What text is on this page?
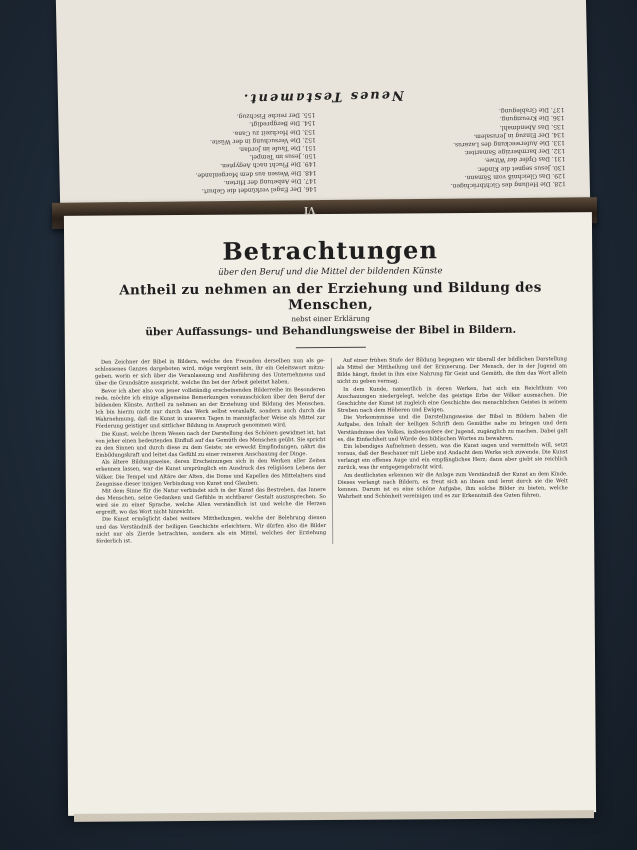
128. Die Heilung des Gichtbrüchigen.
129. Das Gleichniß vom Sämann.
130. Jesus segnet die Kinder.
131. Das Opfer der Witwe.
132. Der barmherzige Samariter.
133. Die Auferweckung des Lazarus.
134. Der Einzug in Jerusalem.
135. Das Abendmahl.
136. Die Kreuzigung.
137. Die Grablegung.
146. Der Engel verkündet die Geburt.
147. Die Anbetung der Hirten.
148. Die Weisen aus dem Morgenlande.
149. Die Flucht nach Aegypten.
150. Jesus im Tempel.
151. Die Taufe im Jordan.
152. Die Versuchung in der Wüste.
153. Die Hochzeit zu Cana.
154. Die Bergpredigt.
155. Der reiche Fischzug.
Neues Testament.
VI
Betrachtungen
über den Beruf und die Mittel der bildenden Künste
Antheil zu nehmen an der Erziehung und Bildung des Menschen,
nebst einer Erklärung
über Auffassungs- und Behandlungsweise der Bibel in Bildern.

Den Zeichner der Bibel in Bildern, welche den Freunden derselben nun als geschlossenes Ganzes dargeboten wird, möge vergönnt sein, ihr ein Geleitswort mitzugeben, worin er sich über die Veranlassung und Ausführung des Unternehmens und über die Grundsätze ausspricht, welche ihn bei der Arbeit geleitet haben.

Bevor ich aber also von jener vollständig erscheinenden Bilderreihe im Besonderen rede, möchte ich einige allgemeine Bemerkungen vorausschicken über den Beruf der bildenden Künste, Antheil zu nehmen an der Erziehung und Bildung des Menschen. Ich bin hierzu nicht nur durch das Werk selbst veranlaßt, sondern auch durch die Wahrnehmung, daß die Kunst in unseren Tagen in mannigfacher Weise als Mittel zur Förderung geistiger und sittlicher Bildung in Anspruch genommen wird.

Die Kunst, welche ihrem Wesen nach der Darstellung des Schönen gewidmet ist, hat von jeher einen bedeutenden Einfluß auf das Gemüth des Menschen geübt. Sie spricht zu den Sinnen und durch diese zu dem Geiste; sie erweckt Empfindungen, nährt die Einbildungskraft und leitet das Gefühl zu einer reineren Anschauung der Dinge.

Als ältere Bildungsweise, deren Erscheinungen sich in den Werken aller Zeiten erkennen lassen, war die Kunst ursprünglich ein Ausdruck des religiösen Lebens der Völker. Die Tempel und Altäre der Alten, die Dome und Kapellen des Mittelalters sind Zeugnisse dieser innigen Verbindung von Kunst und Glauben.

Mit dem Sinne für die Natur verbindet sich in der Kunst das Bestreben, das Innere des Menschen, seine Gedanken und Gefühle in sichtbarer Gestalt auszusprechen. So wird sie zu einer Sprache, welche Allen verständlich ist und welche die Herzen ergreift, wo das Wort nicht hinreicht.

Die Kunst ermöglicht dabei weitere Mittheilungen, welche der Belehrung dienen und das Verständniß der heiligen Geschichte erleichtern. Wir dürfen also die Bilder nicht nur als Zierde betrachten, sondern als ein Mittel, welches der Erziehung förderlich ist.

Auf einer frühen Stufe der Bildung begegnen wir überall der bildlichen Darstellung als Mittel der Mittheilung und der Erinnerung. Der Mensch, der in der Jugend am Bilde hängt, findet in ihm eine Nahrung für Geist und Gemüth, die ihm das Wort allein nicht zu geben vermag.

In dem Kunde, namentlich in deren Werken, hat sich ein Reichthum von Anschauungen niedergelegt, welche das geistige Erbe der Völker ausmachen. Die Geschichte der Kunst ist zugleich eine Geschichte des menschlichen Geistes in seinem Streben nach dem Höheren und Ewigen.

Die Vorkommnisse und die Darstellungsweise der Bibel in Bildern haben die Aufgabe, den Inhalt der heiligen Schrift dem Gemüthe nahe zu bringen und dem Verständnisse des Volkes, insbesondere der Jugend, zugänglich zu machen. Dabei galt es, die Einfachheit und Würde des biblischen Wortes zu bewahren.

Ein lebendiges Aufnehmen dessen, was die Kunst sagen und vermitteln will, setzt voraus, daß der Beschauer mit Liebe und Andacht dem Werke sich zuwende. Die Kunst verlangt ein offenes Auge und ein empfängliches Herz; dann aber giebt sie reichlich zurück, was ihr entgegengebracht wird.

Am deutlichsten erkennen wir die Anlage zum Verständniß der Kunst an dem Kinde. Dieses verlangt nach Bildern, es freut sich an ihnen und lernt durch sie die Welt kennen. Darum ist es eine schöne Aufgabe, ihm solche Bilder zu bieten, welche Wahrheit und Schönheit vereinigen und es zur Erkenntniß des Guten führen.
